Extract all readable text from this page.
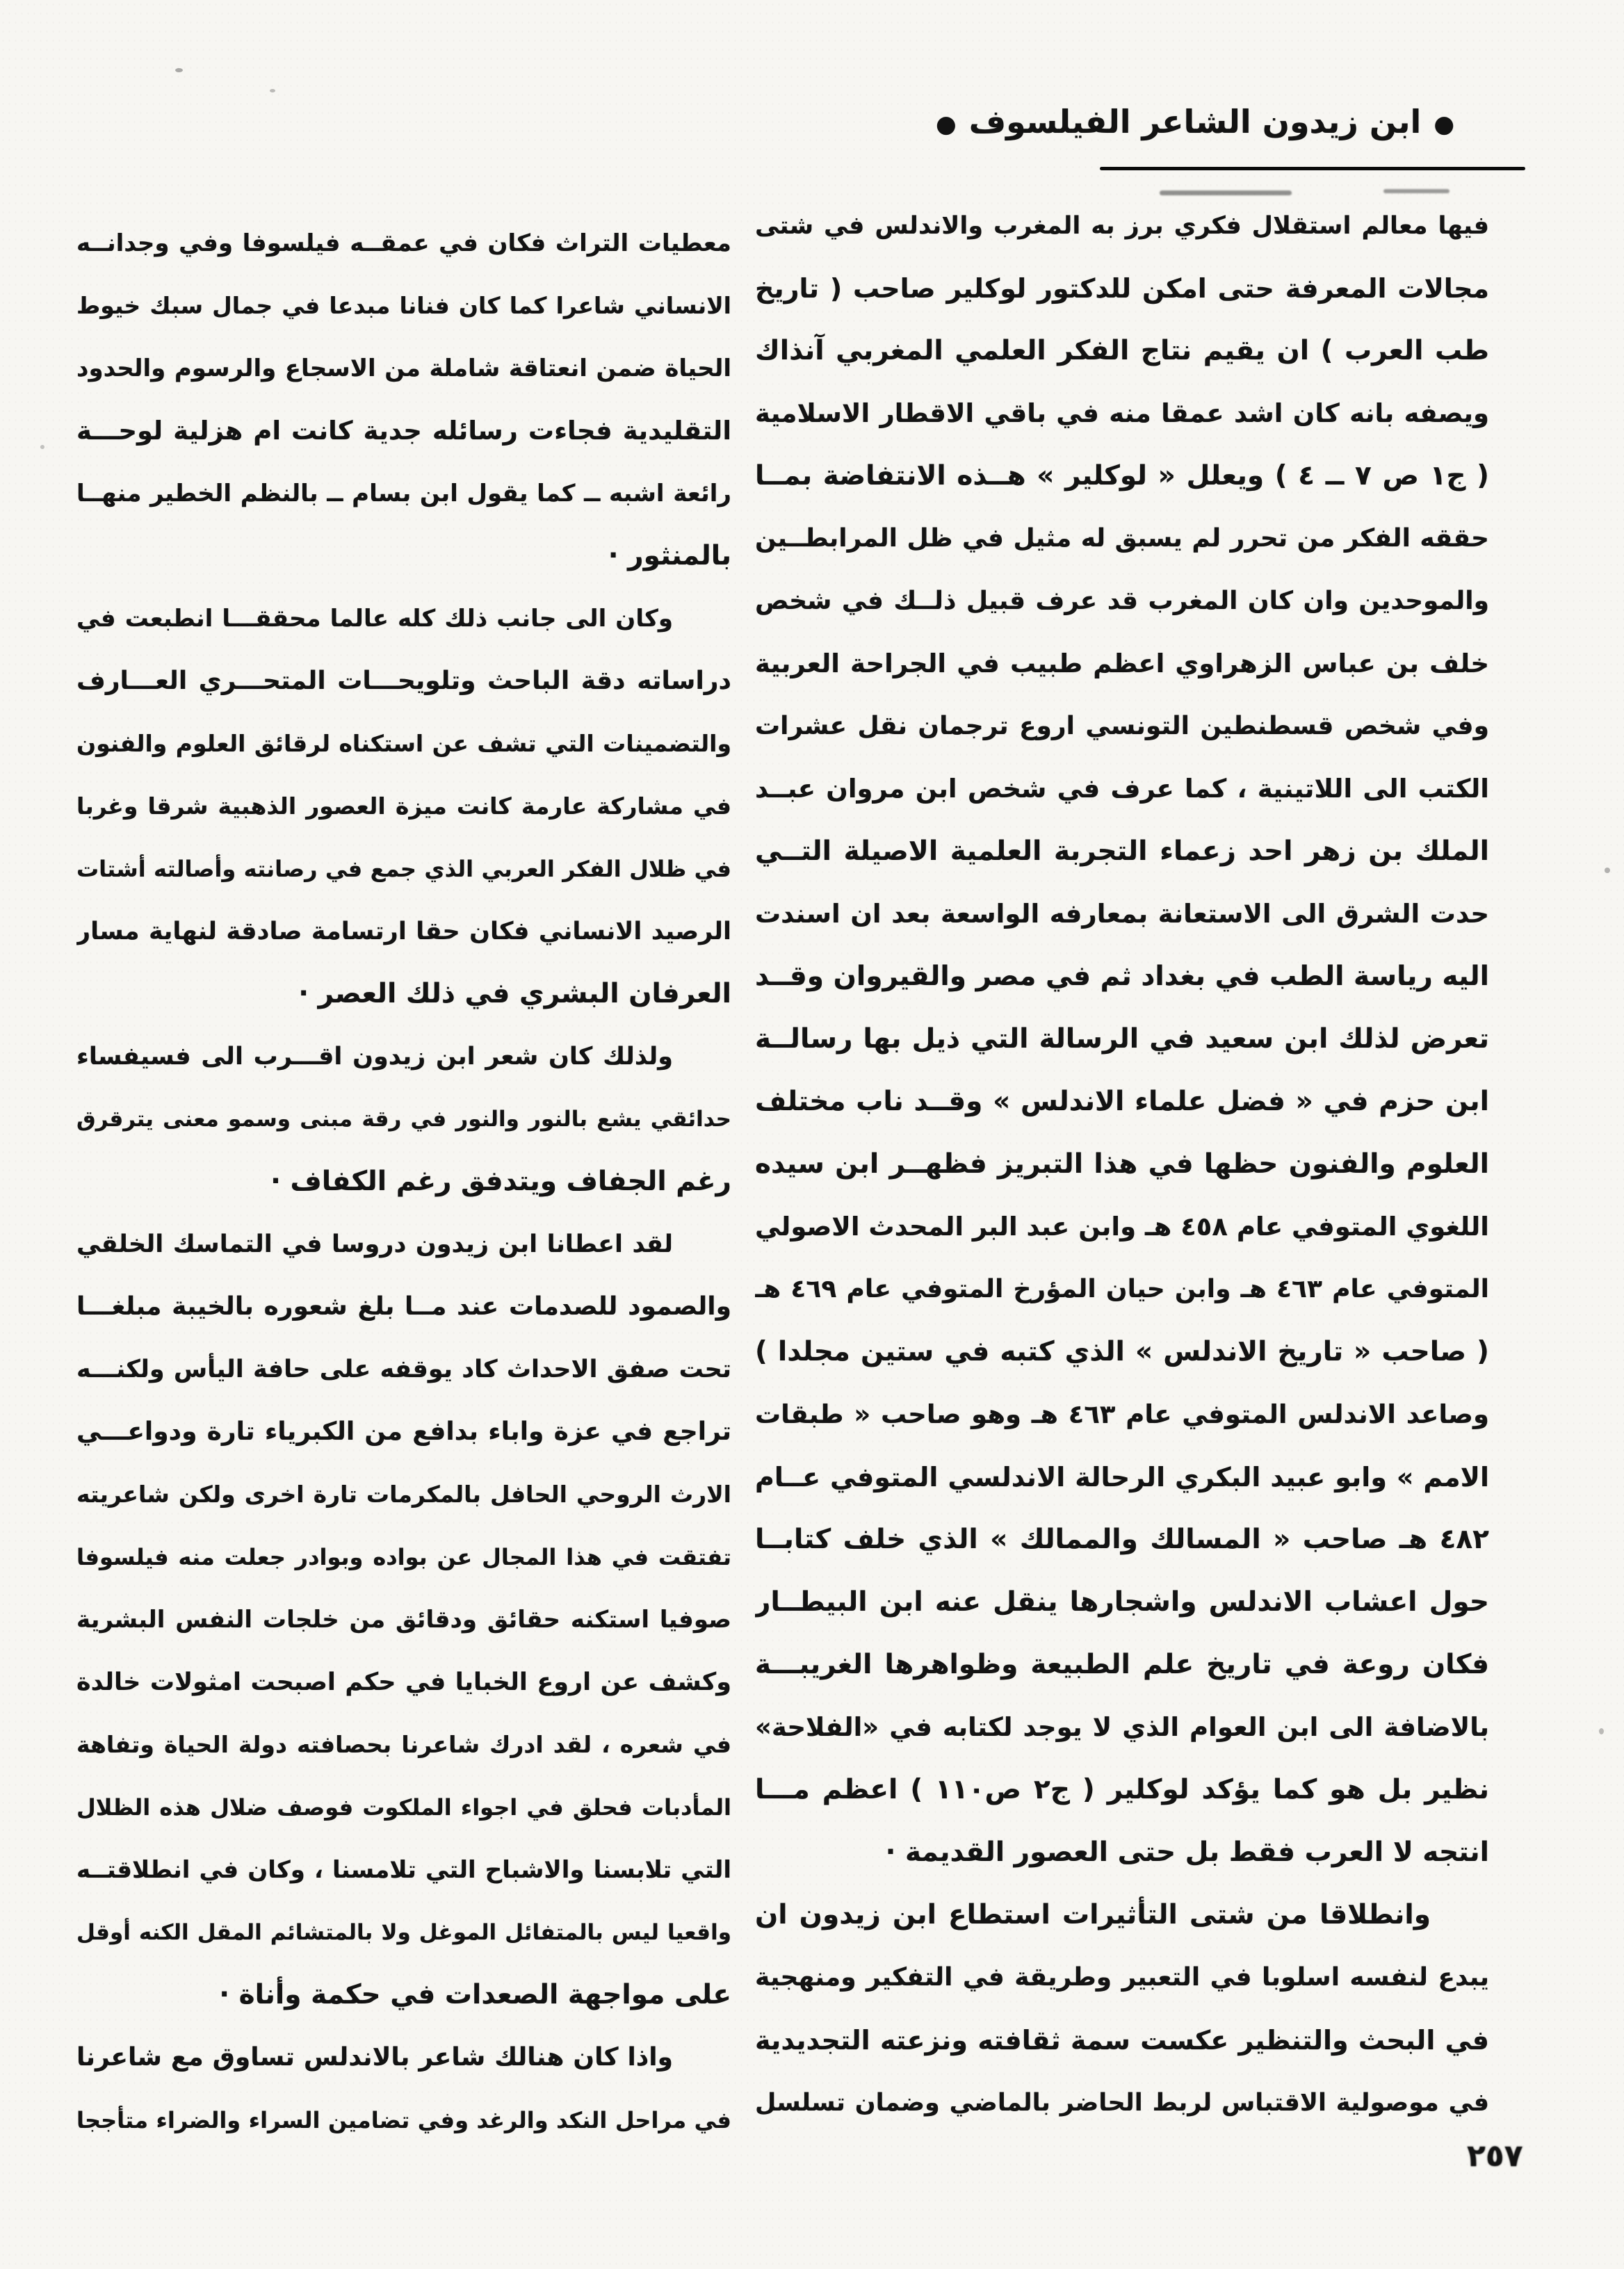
●ابن زيدون الشاعر الفيلسوف●
فيها معالم استقلال فكري برز به المغرب والاندلس في شتى
مجالات المعرفة حتى امكن للدكتور لوكلير صاحب ( تاريخ
طب العرب ) ان يقيم نتاج الفكر العلمي المغربي آنذاك
ويصفه بانه كان اشد عمقا منه في باقي الاقطار الاسلامية
( ج١ ص ٧ ــ ٤ ) ويعلل « لوكلير » هــذه الانتفاضة بمــا
حققه الفكر من تحرر لم يسبق له مثيل في ظل المرابطــين
والموحدين وان كان المغرب قد عرف قبيل ذلــك في شخص
خلف بن عباس الزهراوي اعظم طبيب في الجراحة العربية
وفي شخص قسطنطين التونسي اروع ترجمان نقل عشرات
الكتب الى اللاتينية ، كما عرف في شخص ابن مروان عبــد
الملك بن زهر احد زعماء التجربة العلمية الاصيلة التــي
حدت الشرق الى الاستعانة بمعارفه الواسعة بعد ان اسندت
اليه رياسة الطب في بغداد ثم في مصر والقيروان وقــد
تعرض لذلك ابن سعيد في الرسالة التي ذيل بها رسالــة
ابن حزم في « فضل علماء الاندلس » وقــد ناب مختلف
العلوم والفنون حظها في هذا التبريز فظهــر ابن سيده
اللغوي المتوفي عام ٤٥٨ هـ وابن عبد البر المحدث الاصولي
المتوفي عام ٤٦٣ هـ وابن حيان المؤرخ المتوفي عام ٤٦٩ هـ
( صاحب « تاريخ الاندلس » الذي كتبه في ستين مجلدا )
وصاعد الاندلس المتوفي عام ٤٦٣ هـ وهو صاحب « طبقات
الامم » وابو عبيد البكري الرحالة الاندلسي المتوفي عــام
٤٨٢ هـ صاحب « المسالك والممالك » الذي خلف كتابــا
حول اعشاب الاندلس واشجارها ينقل عنه ابن البيطــار
فكان روعة في تاريخ علم الطبيعة وظواهرها الغريبـــة
بالاضافة الى ابن العوام الذي لا يوجد لكتابه في «الفلاحة»
نظير بل هو كما يؤكد لوكلير ( ج٢ ص١١٠ ) اعظم مـــا
انتجه لا العرب فقط بل حتى العصور القديمة ·
وانطلاقا من شتى التأثيرات استطاع ابن زيدون ان
يبدع لنفسه اسلوبا في التعبير وطريقة في التفكير ومنهجية
في البحث والتنظير عكست سمة ثقافته ونزعته التجديدية
في موصولية الاقتباس لربط الحاضر بالماضي وضمان تسلسل
معطيات التراث فكان في عمقــه فيلسوفا وفي وجدانــه
الانساني شاعرا كما كان فنانا مبدعا في جمال سبك خيوط
الحياة ضمن انعتاقة شاملة من الاسجاع والرسوم والحدود
التقليدية فجاءت رسائله جدية كانت ام هزلية لوحـــة
رائعة اشبه ــ كما يقول ابن بسام ــ بالنظم الخطير منهــا
بالمنثور ·
وكان الى جانب ذلك كله عالما محققـــا انطبعت في
دراساته دقة الباحث وتلويحـــات المتحـــري العـــارف
والتضمينات التي تشف عن استكناه لرقائق العلوم والفنون
في مشاركة عارمة كانت ميزة العصور الذهبية شرقا وغربا
في ظلال الفكر العربي الذي جمع في رصانته وأصالته أشتات
الرصيد الانساني فكان حقا ارتسامة صادقة لنهاية مسار
العرفان البشري في ذلك العصر ·
ولذلك كان شعر ابن زيدون اقـــرب الى فسيفساء
حدائقي يشع بالنور والنور في رقة مبنى وسمو معنى يترقرق
رغم الجفاف ويتدفق رغم الكفاف ·
لقد اعطانا ابن زيدون دروسا في التماسك الخلقي
والصمود للصدمات عند مــا بلغ شعوره بالخيبة مبلغـــا
تحت صفق الاحداث كاد يوقفه على حافة اليأس ولكنـــه
تراجع في عزة واباء بدافع من الكبرياء تارة ودواعـــي
الارث الروحي الحافل بالمكرمات تارة اخرى ولكن شاعريته
تفتقت في هذا المجال عن بواده وبوادر جعلت منه فيلسوفا
صوفيا استكنه حقائق ودقائق من خلجات النفس البشرية
وكشف عن اروع الخبايا في حكم اصبحت امثولات خالدة
في شعره ، لقد ادرك شاعرنا بحصافته دولة الحياة وتفاهة
المأدبات فحلق في اجواء الملكوت فوصف ضلال هذه الظلال
التي تلابسنا والاشباح التي تلامسنا ، وكان في انطلاقتــه
واقعيا ليس بالمتفائل الموغل ولا بالمتشائم المقل الكنه أوقل
على مواجهة الصعدات في حكمة وأناة ·
واذا كان هنالك شاعر بالاندلس تساوق مع شاعرنا
في مراحل النكد والرغد وفي تضامين السراء والضراء متأججا
٢٥٧
